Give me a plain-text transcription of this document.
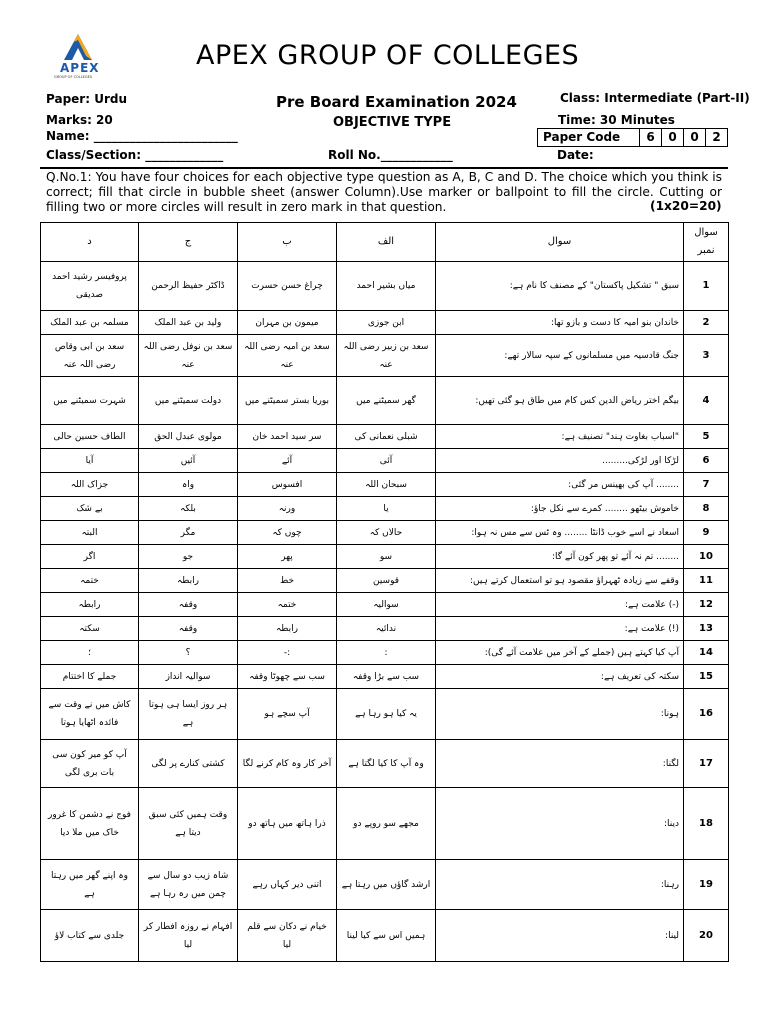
APEX
GROUP OF COLLEGES
APEX GROUP OF COLLEGES
Paper: Urdu
Marks: 20
Name: ________________________
Class/Section: _____________
Pre Board Examination 2024
OBJECTIVE TYPE
Roll No.____________
Class: Intermediate (Part-II)
Time: 30 Minutes
Paper Code	6	0	0	2
Date:
Q.No.1: You have four choices for each objective type question as A, B, C and D. The choice which you think is correct; fill that circle in bubble sheet (answer Column).Use marker or ballpoint to fill the circle. Cutting or filling two or more circles will result in zero mark in that question.	(1x20=20)
د	ج	ب	الف	سوال	سوال نمبر
پروفیسر رشید احمد صدیقی	ڈاکٹر حفیظ الرحمن	چراغ حسن حسرت	میاں بشیر احمد	سبق " تشکیل پاکستان" کے مصنف کا نام ہے:	1
مسلمہ بن عبد الملک	ولید بن عبد الملک	میمون بن مہران	ابن جوزی	خاندان بنو امیہ کا دست و بازو تھا:	2
سعد بن ابی وقاص رضی اللہ عنہ	سعد بن نوفل رضی اللہ عنہ	سعد بن امیہ رضی اللہ عنہ	سعد بن زبیر رضی اللہ عنہ	جنگ قادسیہ میں مسلمانوں کے سپہ سالار تھے:	3
شہرت سمیٹنے میں	دولت سمیٹنے میں	بوریا بستر سمیٹنے میں	گھر سمیٹنے میں	بیگم اختر ریاض الدین کس کام میں طاق ہو گئی تھیں:	4
الطاف حسین حالی	مولوی عبدل الحق	سر سید احمد خان	شبلی نعمانی کی	"اسباب بغاوت ہند" تصنیف ہے:	5
آیا	آئیں	آئے	آئی	لڑکا اور لڑکی.........	6
جزاک اللہ	واہ	افسوس	سبحان اللہ	........ آپ کی بھینس مر گئی:	7
بے شک	بلکہ	ورنہ	یا	خاموش بیٹھو ........ کمرے سے نکل جاؤ:	8
البتہ	مگر	چوں کہ	حالاں کہ	اسعاد نے اسے خوب ڈانٹا ........ وہ ٹس سے مس نہ ہوا:	9
اگر	جو	پھر	سو	........ تم نہ آئے تو پھر کون آئے گا:	10
ختمہ	رابطہ	خط	قوسین	وقفے سے زیادہ ٹھہراؤ مقصود ہو تو استعمال کرتے ہیں:	11
رابطہ	وقفہ	ختمہ	سوالیہ	(-) علامت ہے:	12
سکتہ	وقفہ	رابطہ	ندائیہ	(!) علامت ہے:	13
؛	؟	:-	:	آپ کیا کہتے ہیں (جملے کے آخر میں علامت آئے گی):	14
جملے کا اختتام	سوالیہ انداز	سب سے چھوٹا وقفہ	سب سے بڑا وقفہ	سکتہ کی تعریف ہے:	15
کاش میں نے وقت سے فائدہ اٹھایا ہوتا	ہر روز ایسا ہی ہوتا ہے	آپ سچے ہو	یہ کیا ہو رہا ہے	ہونا:	16
آپ کو میر کون سی بات بری لگی	کشتی کنارے پر لگی	آخر کار وہ کام کرنے لگا	وہ آپ کا کیا لگتا ہے	لگنا:	17
فوج نے دشمن کا غرور خاک میں ملا دیا	وقت ہمیں کئی سبق دیتا ہے	ذرا ہاتھ میں ہاتھ دو	مجھے سو روپے دو	دینا:	18
وہ اپنے گھر میں رہتا ہے	شاہ زیب دو سال سے چمن میں رہ رہا ہے	اتنی دیر کہاں رہے	ارشد گاؤں میں رہتا ہے	رہنا:	19
جلدی سے کتاب لاؤ	افہام نے روزہ افطار کر لیا	خیام نے دکان سے قلم لیا	ہمیں اس سے کیا لینا	لینا:	20
